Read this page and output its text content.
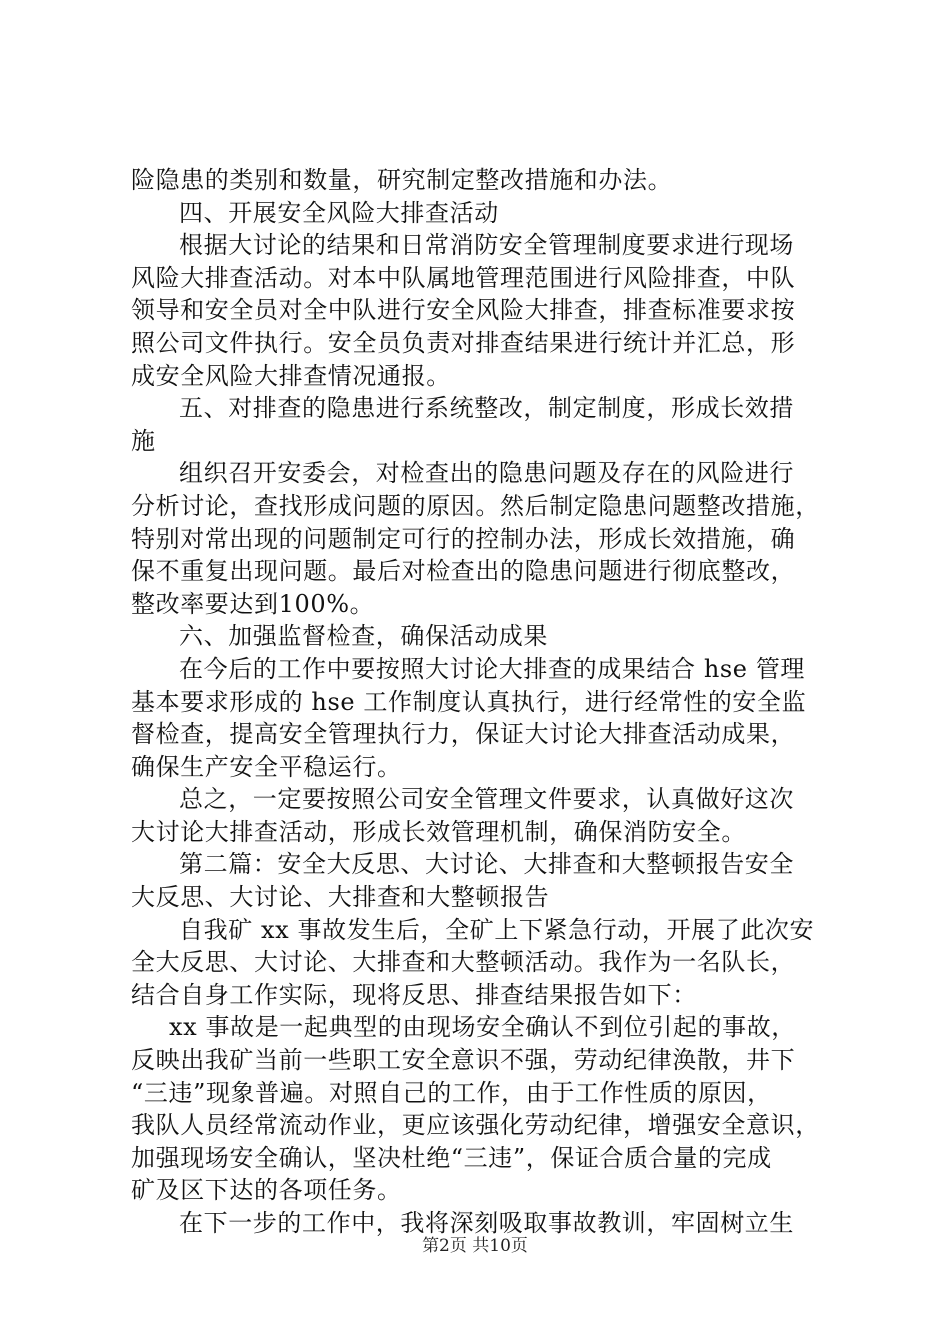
险隐患的类别和数量，研究制定整改措施和办法。
四、开展安全风险大排查活动
根据大讨论的结果和日常消防安全管理制度要求进行现场
风险大排查活动。对本中队属地管理范围进行风险排查，中队
领导和安全员对全中队进行安全风险大排查，排查标准要求按
照公司文件执行。安全员负责对排查结果进行统计并汇总，形
成安全风险大排查情况通报。
五、对排查的隐患进行系统整改，制定制度，形成长效措
施
组织召开安委会，对检查出的隐患问题及存在的风险进行
分析讨论，查找形成问题的原因。然后制定隐患问题整改措施，
特别对常出现的问题制定可行的控制办法，形成长效措施，确
保不重复出现问题。最后对检查出的隐患问题进行彻底整改，
整改率要达到100%。
六、加强监督检查，确保活动成果
在今后的工作中要按照大讨论大排查的成果结合 hse 管理
基本要求形成的 hse 工作制度认真执行，进行经常性的安全监
督检查，提高安全管理执行力，保证大讨论大排查活动成果，
确保生产安全平稳运行。
总之，一定要按照公司安全管理文件要求，认真做好这次
大讨论大排查活动，形成长效管理机制，确保消防安全。
第二篇：安全大反思、大讨论、大排查和大整顿报告安全
大反思、大讨论、大排查和大整顿报告
自我矿 xx 事故发生后，全矿上下紧急行动，开展了此次安
全大反思、大讨论、大排查和大整顿活动。我作为一名队长，
结合自身工作实际，现将反思、排查结果报告如下：
xx 事故是一起典型的由现场安全确认不到位引起的事故，
反映出我矿当前一些职工安全意识不强，劳动纪律涣散，井下
“三违”现象普遍。对照自己的工作，由于工作性质的原因，
我队人员经常流动作业，更应该强化劳动纪律，增强安全意识，
加强现场安全确认，坚决杜绝“三违”，保证合质合量的完成
矿及区下达的各项任务。
在下一步的工作中，我将深刻吸取事故教训，牢固树立生
第2页 共10页
